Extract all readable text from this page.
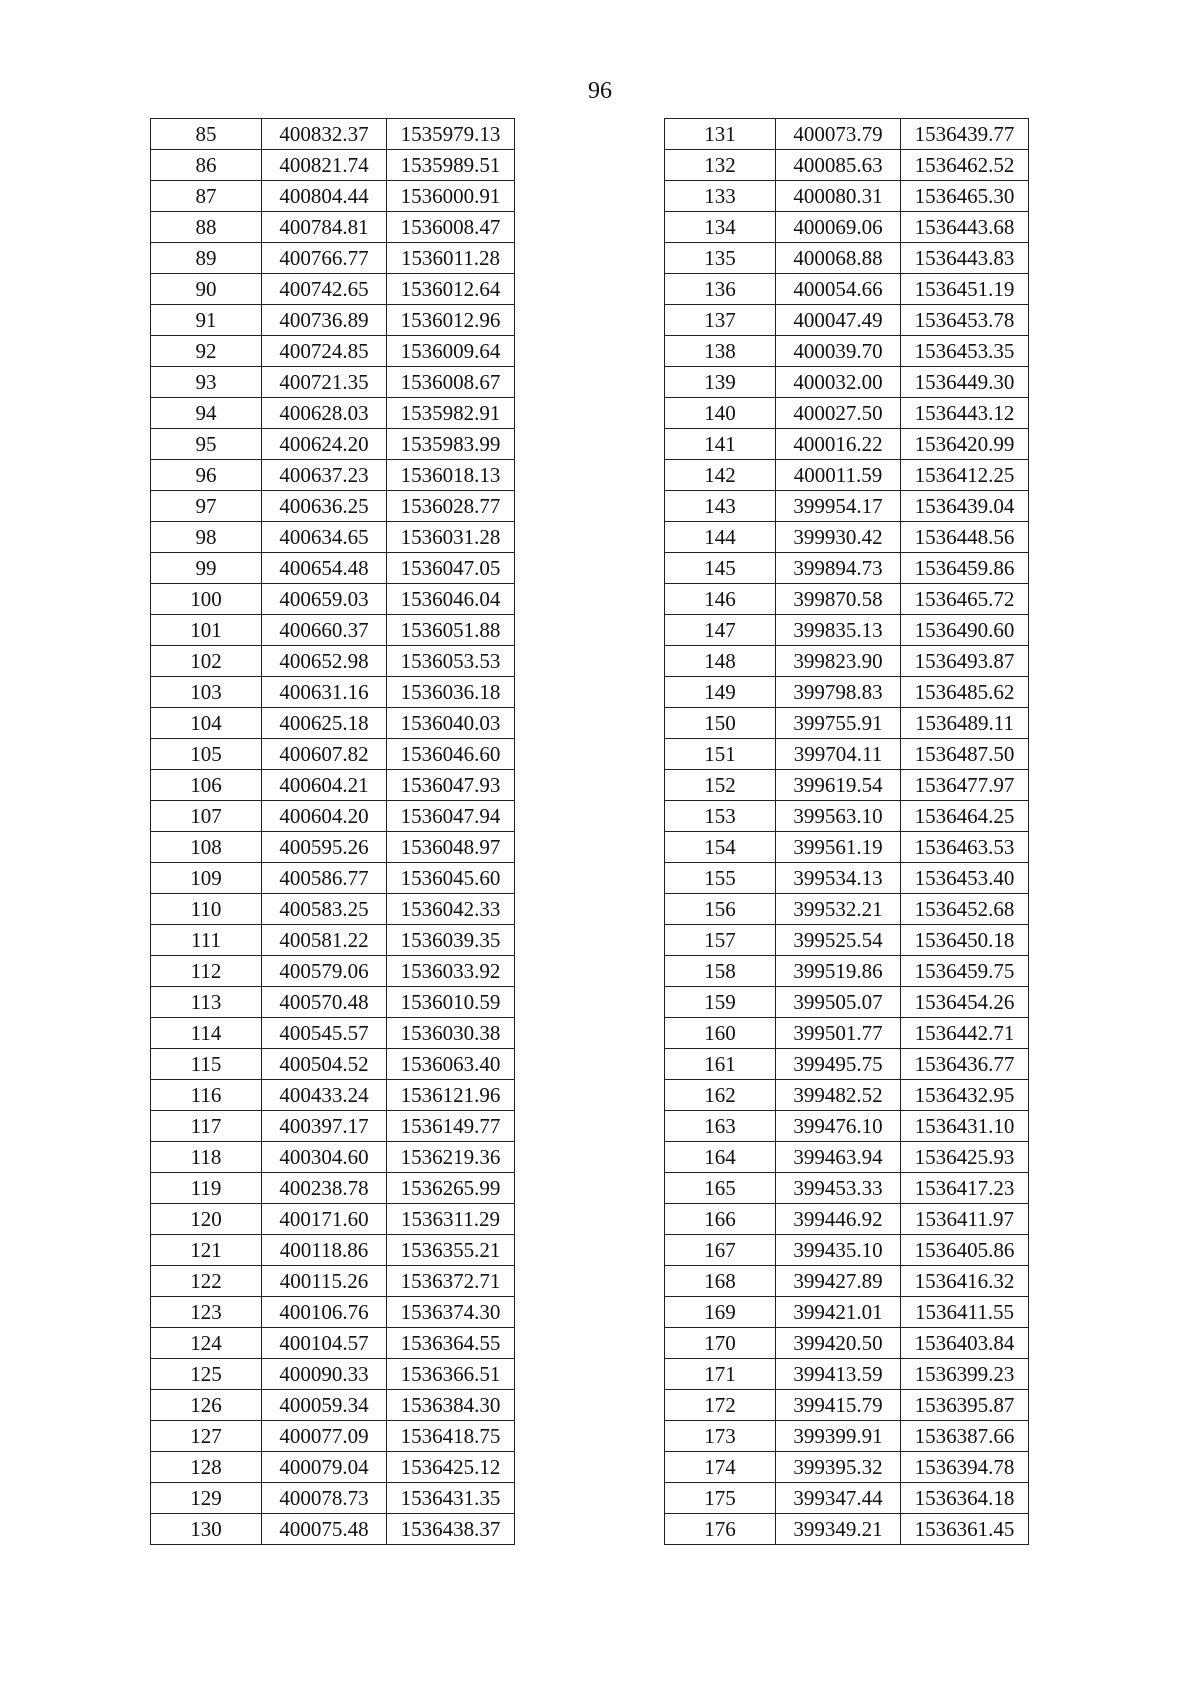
96
85	400832.37	1535979.13
86	400821.74	1535989.51
87	400804.44	1536000.91
88	400784.81	1536008.47
89	400766.77	1536011.28
90	400742.65	1536012.64
91	400736.89	1536012.96
92	400724.85	1536009.64
93	400721.35	1536008.67
94	400628.03	1535982.91
95	400624.20	1535983.99
96	400637.23	1536018.13
97	400636.25	1536028.77
98	400634.65	1536031.28
99	400654.48	1536047.05
100	400659.03	1536046.04
101	400660.37	1536051.88
102	400652.98	1536053.53
103	400631.16	1536036.18
104	400625.18	1536040.03
105	400607.82	1536046.60
106	400604.21	1536047.93
107	400604.20	1536047.94
108	400595.26	1536048.97
109	400586.77	1536045.60
110	400583.25	1536042.33
111	400581.22	1536039.35
112	400579.06	1536033.92
113	400570.48	1536010.59
114	400545.57	1536030.38
115	400504.52	1536063.40
116	400433.24	1536121.96
117	400397.17	1536149.77
118	400304.60	1536219.36
119	400238.78	1536265.99
120	400171.60	1536311.29
121	400118.86	1536355.21
122	400115.26	1536372.71
123	400106.76	1536374.30
124	400104.57	1536364.55
125	400090.33	1536366.51
126	400059.34	1536384.30
127	400077.09	1536418.75
128	400079.04	1536425.12
129	400078.73	1536431.35
130	400075.48	1536438.37
131	400073.79	1536439.77
132	400085.63	1536462.52
133	400080.31	1536465.30
134	400069.06	1536443.68
135	400068.88	1536443.83
136	400054.66	1536451.19
137	400047.49	1536453.78
138	400039.70	1536453.35
139	400032.00	1536449.30
140	400027.50	1536443.12
141	400016.22	1536420.99
142	400011.59	1536412.25
143	399954.17	1536439.04
144	399930.42	1536448.56
145	399894.73	1536459.86
146	399870.58	1536465.72
147	399835.13	1536490.60
148	399823.90	1536493.87
149	399798.83	1536485.62
150	399755.91	1536489.11
151	399704.11	1536487.50
152	399619.54	1536477.97
153	399563.10	1536464.25
154	399561.19	1536463.53
155	399534.13	1536453.40
156	399532.21	1536452.68
157	399525.54	1536450.18
158	399519.86	1536459.75
159	399505.07	1536454.26
160	399501.77	1536442.71
161	399495.75	1536436.77
162	399482.52	1536432.95
163	399476.10	1536431.10
164	399463.94	1536425.93
165	399453.33	1536417.23
166	399446.92	1536411.97
167	399435.10	1536405.86
168	399427.89	1536416.32
169	399421.01	1536411.55
170	399420.50	1536403.84
171	399413.59	1536399.23
172	399415.79	1536395.87
173	399399.91	1536387.66
174	399395.32	1536394.78
175	399347.44	1536364.18
176	399349.21	1536361.45
